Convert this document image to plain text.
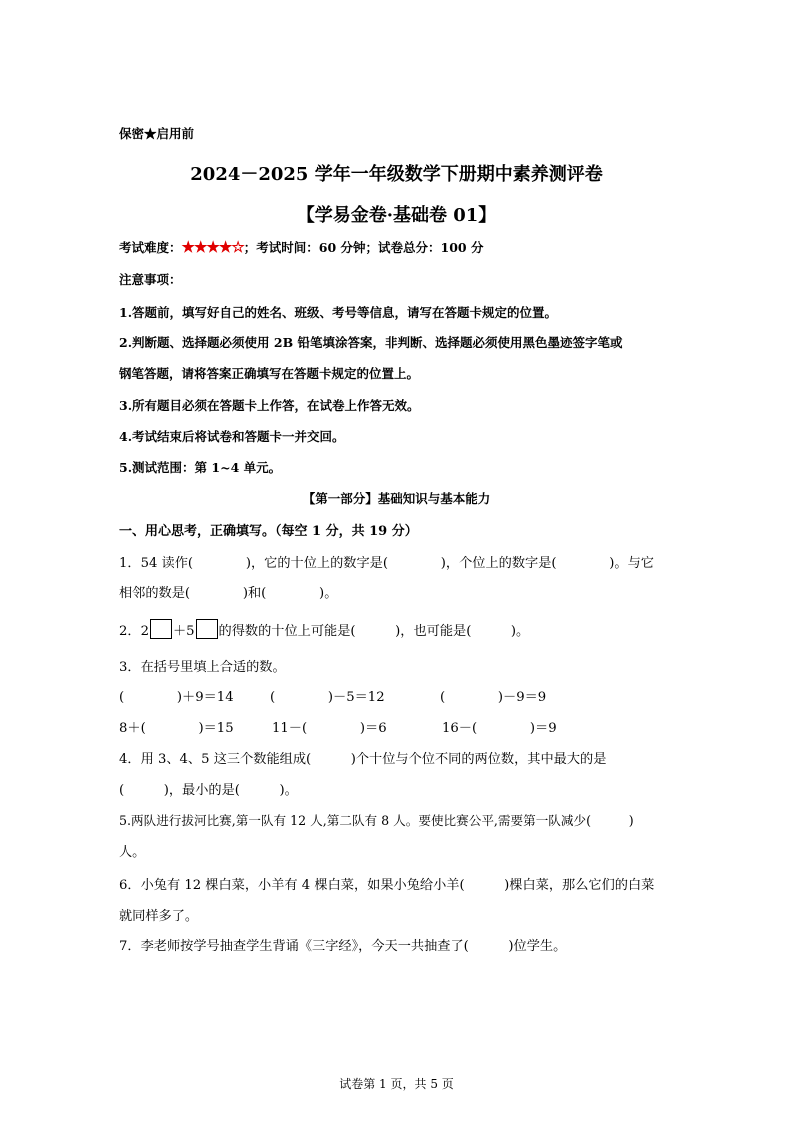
保密★启用前
2024－2025 学年一年级数学下册期中素养测评卷
【学易金卷·基础卷 01】
考试难度：★★★★☆；考试时间：60 分钟；试卷总分：100 分
注意事项：
1.答题前，填写好自己的姓名、班级、考号等信息，请写在答题卡规定的位置。
2.判断题、选择题必须使用 2B 铅笔填涂答案，非判断、选择题必须使用黑色墨迹签字笔或
钢笔答题，请将答案正确填写在答题卡规定的位置上。
3.所有题目必须在答题卡上作答，在试卷上作答无效。
4.考试结束后将试卷和答题卡一并交回。
5.测试范围：第 1~4 单元。
【第一部分】基础知识与基本能力
一、用心思考，正确填写。（每空 1 分，共 19 分）
1．54 读作(　　　　)，它的十位上的数字是(　　　　)，个位上的数字是(　　　　)。与它
相邻的数是(　　　　)和(　　　　)。
2．2 ＋5 的得数的十位上可能是(　　　)，也可能是(　　　)。
3．在括号里填上合适的数。
(　　　　)＋9＝14	(　　　　)－5＝12	(　　　　)－9＝9
8＋(　　　　)＝15	11－(　　　　)＝6	16－(　　　　)＝9
4．用 3、4、5 这三个数能组成(　　　)个十位与个位不同的两位数，其中最大的是
(　　　)，最小的是(　　　)。
5.两队进行拔河比赛,第一队有 12 人,第二队有 8 人。要使比赛公平,需要第一队减少(　　　)
人。
6．小兔有 12 棵白菜，小羊有 4 棵白菜，如果小兔给小羊(　　　)棵白菜，那么它们的白菜
就同样多了。
7．李老师按学号抽查学生背诵《三字经》，今天一共抽查了(　　　)位学生。
试卷第 1 页，共 5 页
